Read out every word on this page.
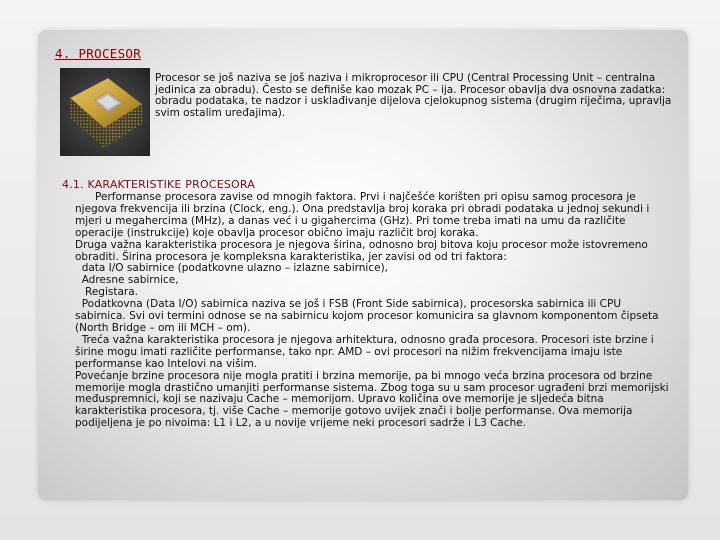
4. PROCESOR
Procesor se još naziva se još naziva i mikroprocesor ili CPU (Central Processing Unit – centralna jedinica za obradu). Često se definiše kao mozak PC – ija. Procesor obavlja dva osnovna zadatka: obradu podataka, te nadzor i usklađivanje dijelova cjelokupnog sistema (drugim riječima, upravlja svim ostalim uređajima).
4.1. KARAKTERISTIKE PROCESORA

Performanse procesora zavise od mnogih faktora. Prvi i najčešće korišten pri opisu samog procesora je njegova frekvencija ili brzina (Clock, eng.). Ona predstavlja broj koraka pri obradi podataka u jednoj sekundi i mjeri u megahercima (MHz), a danas već i u gigahercima (GHz). Pri tome treba imati na umu da različite operacije (instrukcije) koje obavlja procesor obično imaju različit broj koraka.

Druga važna karakteristika procesora je njegova širina, odnosno broj bitova koju procesor može istovremeno obraditi. Širina procesora je kompleksna karakteristika, jer zavisi od od tri faktora:

data I/O sabirnice (podatkovne ulazno – izlazne sabirnice),

Adresne sabirnice,

Registara.

Podatkovna (Data I/O) sabirnica naziva se još i FSB (Front Side sabirnica), procesorska sabirnica ili CPU sabirnica. Svi ovi termini odnose se na sabirnicu kojom procesor komunicira sa glavnom komponentom čipseta (North Bridge – om ili MCH – om).

Treća važna karakteristika procesora je njegova arhitektura, odnosno građa procesora. Procesori iste brzine i širine mogu imati različite performanse, tako npr. AMD – ovi procesori na nižim frekvencijama imaju iste performanse kao Intelovi na višim.

Povećanje brzine procesora nije mogla pratiti i brzina memorije, pa bi mnogo veća brzina procesora od brzine memorije mogla drastično umanjiti performanse sistema. Zbog toga su u sam procesor ugrađeni brzi memorijski međuspremnici, koji se nazivaju Cache – memorijom. Upravo količina ove memorije je sljedeća bitna karakteristika procesora, tj. više Cache – memorije gotovo uvijek znači i bolje performanse. Ova memorija podijeljena je po nivoima: L1 i L2, a u novije vrijeme neki procesori sadrže i L3 Cache.
